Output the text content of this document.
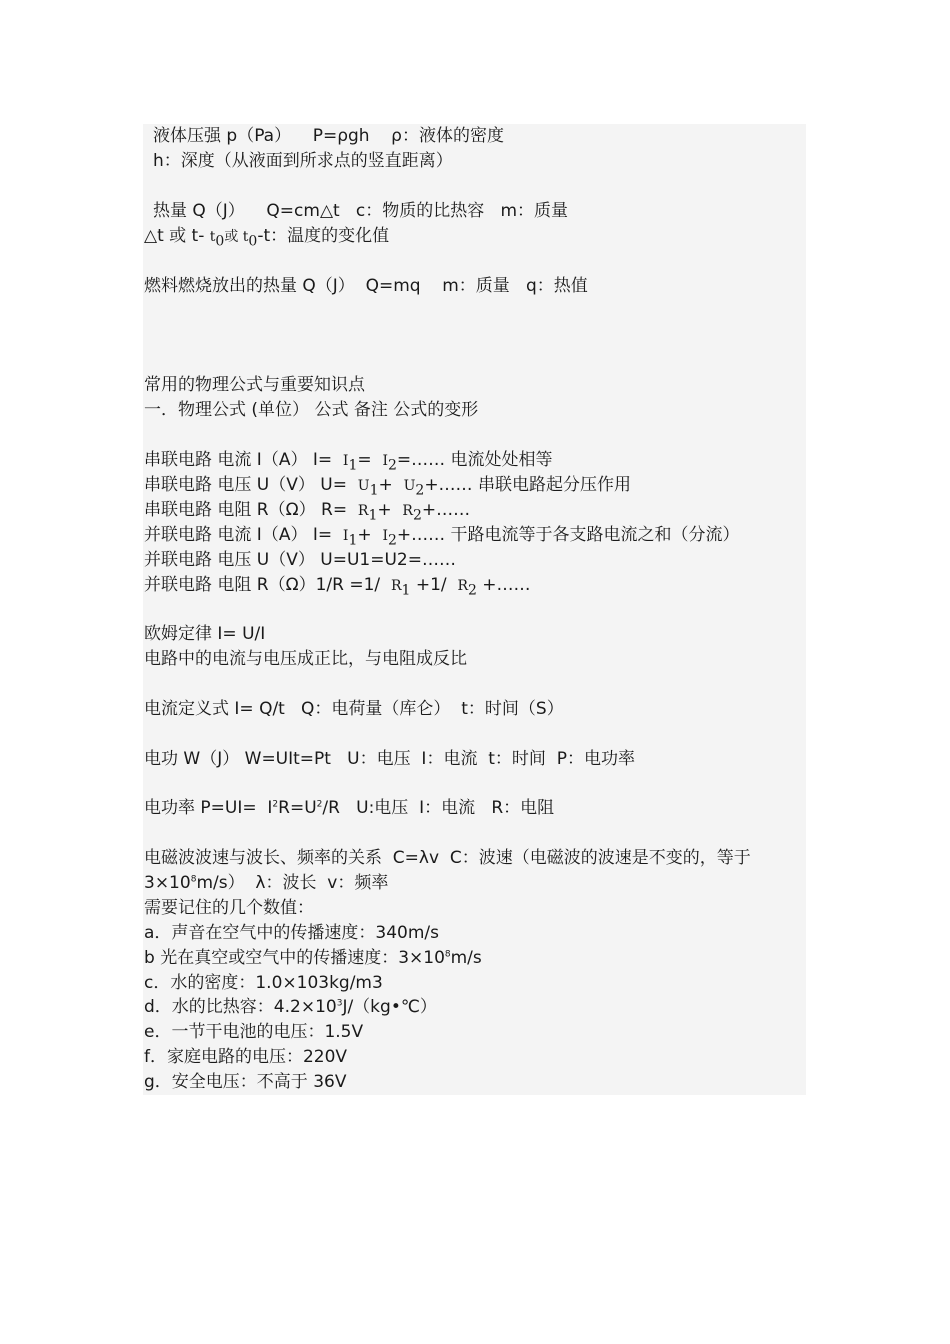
液体压强 p（Pa）    P=ρgh    ρ：液体的密度
h：深度（从液面到所求点的竖直距离）
热量 Q（J）    Q=cm△t   c：物质的比热容   m：质量
△t 或 t- $t_0$或 $t_0-t$：温度的变化值
燃料燃烧放出的热量 Q（J）  Q=mq    m：质量   q：热值
常用的物理公式与重要知识点
一．物理公式 (单位） 公式 备注 公式的变形
串联电路 电流 I（A） $I= I_1=$  $I_2=\dots\dots$ 电流处处相等
串联电路 电压 U（V） $U= U_1+$  $U_2+\dots\dots$ 串联电路起分压作用
串联电路 电阻 R（Ω） $R= R_1+$  $R_2+\dots\dots$
并联电路 电流 I（A） $I= I_1+$  $I_2+\dots\dots$ 干路电流等于各支路电流之和（分流）
并联电路 电压 U（V） U=U1=U2=……
并联电路 电阻 R（Ω）1/R =1/  $R_1 +1/$  $R_2$ +……
欧姆定律 I= U/I
电路中的电流与电压成正比，与电阻成反比
电流定义式 I= Q/t   Q：电荷量（库仑）  t：时间（S）
电功 W（J） W=UIt=Pt   U：电压  I：电流  t：时间  P：电功率
电功率 $P=UI= I^2R=U^2/R$   U:电压  I：电流   R：电阻
电磁波波速与波长、频率的关系  C=λv  C：波速（电磁波的波速是不变的，等于
$3\times 10^8m/s$）  λ：波长  v：频率
需要记住的几个数值：
a．声音在空气中的传播速度：340m/s
b 光在真空或空气中的传播速度：$3\times 10^8m/s$
c．水的密度：1.0×103kg/m3
d．水的比热容：$4.2\times 10^3J/(kg•℃)$
e．一节干电池的电压：1.5V
f．家庭电路的电压：220V
g．安全电压：不高于 36V
